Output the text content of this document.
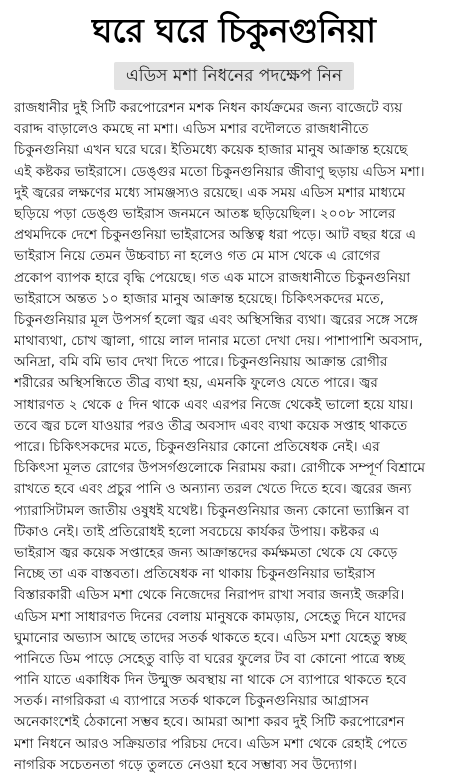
ঘরে ঘরে চিকুনগুনিয়া
এডিস মশা নিধনের পদক্ষেপ নিন
রাজধানীর দুই সিটি করপোরেশন মশক নিধন কার্যক্রমের জন্য বাজেটে ব্যয়
বরাদ্দ বাড়ালেও কমছে না মশা। এডিস মশার বদৌলতে রাজধানীতে
চিকুনগুনিয়া এখন ঘরে ঘরে। ইতিমধ্যে কয়েক হাজার মানুষ আক্রান্ত হয়েছে
এই কষ্টকর ভাইরাসে। ডেঙ্গুর মতো চিকুনগুনিয়ার জীবাণু ছড়ায় এডিস মশা।
দুই জ্বরের লক্ষণের মধ্যে সামঞ্জস্যও রয়েছে। এক সময় এডিস মশার মাধ্যমে
ছড়িয়ে পড়া ডেঙ্গু ভাইরাস জনমনে আতঙ্ক ছড়িয়েছিল। ২০০৮ সালের
প্রথমদিকে দেশে চিকুনগুনিয়া ভাইরাসের অস্তিত্ব ধরা পড়ে। আট বছর ধরে এ
ভাইরাস নিয়ে তেমন উচ্চবাচ্য না হলেও গত মে মাস থেকে এ রোগের
প্রকোপ ব্যাপক হারে বৃদ্ধি পেয়েছে। গত এক মাসে রাজধানীতে চিকুনগুনিয়া
ভাইরাসে অন্তত ১০ হাজার মানুষ আক্রান্ত হয়েছে। চিকিৎসকদের মতে,
চিকুনগুনিয়ার মূল উপসর্গ হলো জ্বর এবং অস্থিসন্ধির ব্যথা। জ্বরের সঙ্গে সঙ্গে
মাথাব্যথা, চোখ জ্বালা, গায়ে লাল দানার মতো দেখা দেয়। পাশাপাশি অবসাদ,
অনিদ্রা, বমি বমি ভাব দেখা দিতে পারে। চিকুনগুনিয়ায় আক্রান্ত রোগীর
শরীরের অস্থিসন্ধিতে তীব্র ব্যথা হয়, এমনকি ফুলেও যেতে পারে। জ্বর
সাধারণত ২ থেকে ৫ দিন থাকে এবং এরপর নিজে থেকেই ভালো হয়ে যায়।
তবে জ্বর চলে যাওয়ার পরও তীব্র অবসাদ এবং ব্যথা কয়েক সপ্তাহ থাকতে
পারে। চিকিৎসকদের মতে, চিকুনগুনিয়ার কোনো প্রতিষেধক নেই। এর
চিকিৎসা মূলত রোগের উপসর্গগুলোকে নিরাময় করা। রোগীকে সম্পূর্ণ বিশ্রামে
রাখতে হবে এবং প্রচুর পানি ও অন্যান্য তরল খেতে দিতে হবে। জ্বরের জন্য
প্যারাসিটামল জাতীয় ওষুধই যথেষ্ট। চিকুনগুনিয়ার জন্য কোনো ভ্যাক্সিন বা
টিকাও নেই। তাই প্রতিরোধই হলো সবচেয়ে কার্যকর উপায়। কষ্টকর এ
ভাইরাস জ্বর কয়েক সপ্তাহের জন্য আক্রান্তদের কর্মক্ষমতা থেকে যে কেড়ে
নিচ্ছে তা এক বাস্তবতা। প্রতিষেধক না থাকায় চিকুনগুনিয়ার ভাইরাস
বিস্তারকারী এডিস মশা থেকে নিজেদের নিরাপদ রাখা সবার জন্যই জরুরি।
এডিস মশা সাধারণত দিনের বেলায় মানুষকে কামড়ায়, সেহেতু দিনে যাদের
ঘুমানোর অভ্যাস আছে তাদের সতর্ক থাকতে হবে। এডিস মশা যেহেতু স্বচ্ছ
পানিতে ডিম পাড়ে সেহেতু বাড়ি বা ঘরের ফুলের টব বা কোনো পাত্রে স্বচ্ছ
পানি যাতে একাধিক দিন উন্মুক্ত অবস্থায় না থাকে সে ব্যাপারে থাকতে হবে
সতর্ক। নাগরিকরা এ ব্যাপারে সতর্ক থাকলে চিকুনগুনিয়ার আগ্রাসন
অনেকাংশেই ঠেকানো সম্ভব হবে। আমরা আশা করব দুই সিটি করপোরেশন
মশা নিধনে আরও সক্রিয়তার পরিচয় দেবে। এডিস মশা থেকে রেহাই পেতে
নাগরিক সচেতনতা গড়ে তুলতে নেওয়া হবে সম্ভাব্য সব উদ্যোগ।
